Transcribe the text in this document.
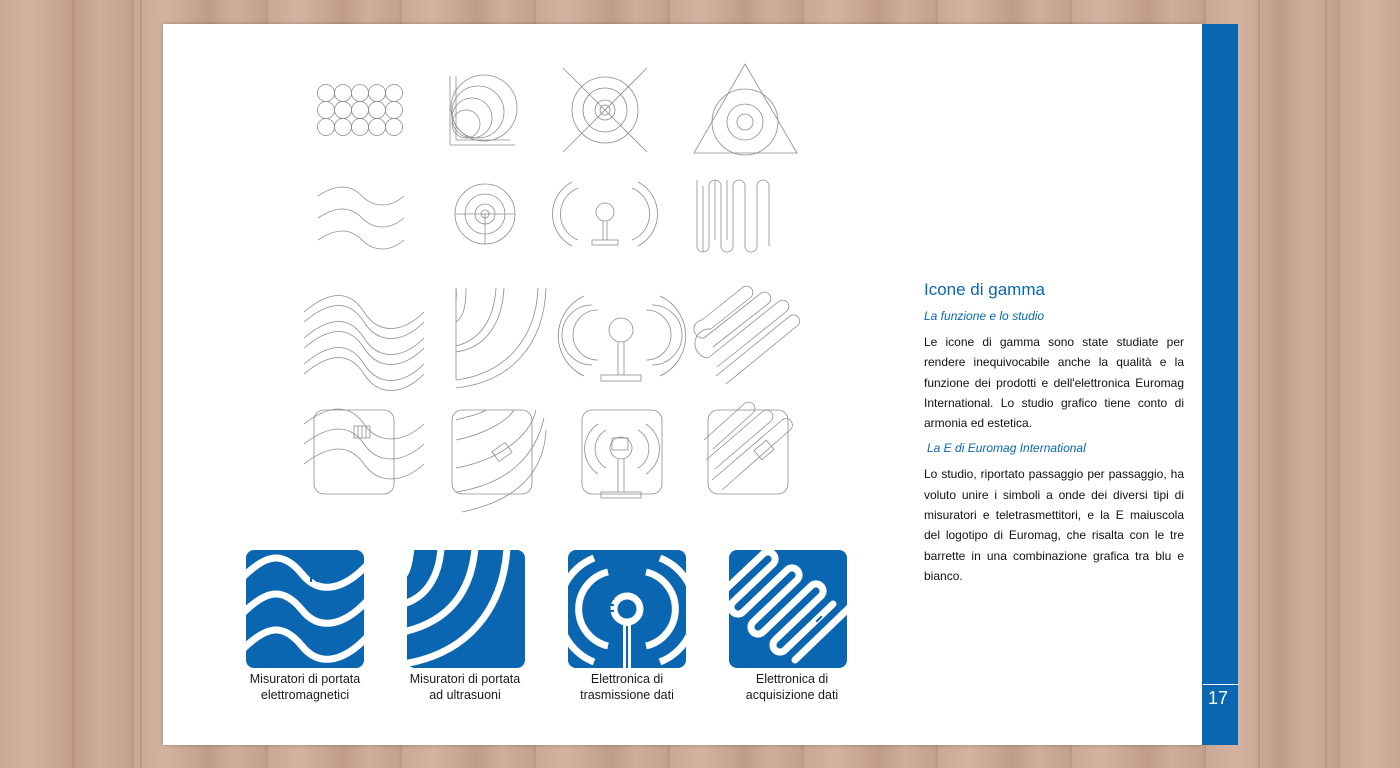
17
Misuratori di portata
elettromagnetici
Misuratori di portata
ad ultrasuoni
Elettronica di
trasmissione dati
Elettronica di
acquisizione dati
Icone di gamma

La funzione e lo studio

Le icone di gamma sono state studiate per rendere inequivocabile anche la qualità e la funzione dei prodotti e dell'elettronica Euromag International. Lo studio grafico tiene conto di armonia ed estetica.

La E di Euromag International

Lo studio, riportato passaggio per passaggio, ha voluto unire i simboli a onde dei diversi tipi di misuratori e teletrasmettitori, e la E maiuscola del logotipo di Euromag, che risalta con le tre barrette in una combinazione grafica tra blu e bianco.
